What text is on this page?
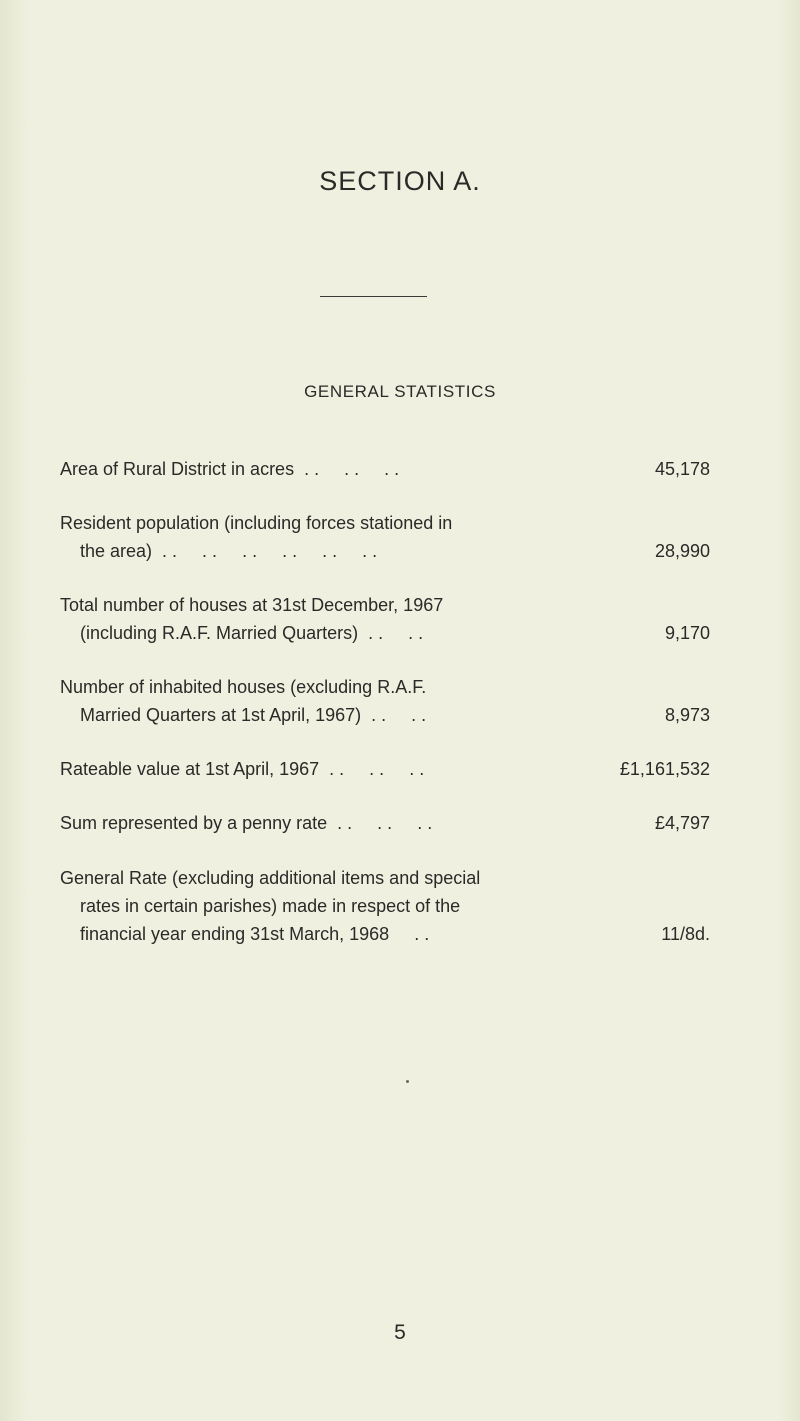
SECTION A.
GENERAL STATISTICS
Area of Rural District in acres  . .     . .     . .	45,178
Resident population (including forces stationed in
the area)  . .     . .     . .     . .     . .     . .	28,990
Total number of houses at 31st December, 1967
(including R.A.F. Married Quarters)  . .     . .	9,170
Number of inhabited houses (excluding R.A.F.
Married Quarters at 1st April, 1967)  . .     . .	8,973
Rateable value at 1st April, 1967  . .     . .     . .	£1,161,532
Sum represented by a penny rate  . .     . .     . .	£4,797
General Rate (excluding additional items and special
rates in certain parishes) made in respect of the
financial year ending 31st March, 1968     . .	11/8d.
5
